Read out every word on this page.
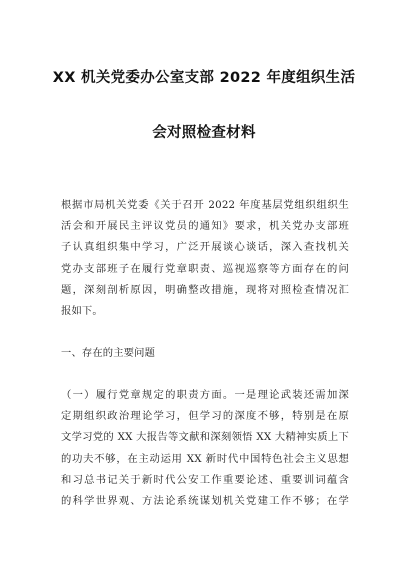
XX 机关党委办公室支部 2022 年度组织生活
会对照检查材料
根据市局机关党委《关于召开 2022 年度基层党组织组织生
活会和开展民主评议党员的通知》要求，机关党办支部班
子认真组织集中学习，广泛开展谈心谈话，深入查找机关
党办支部班子在履行党章职责、巡视巡察等方面存在的问
题，深刻剖析原因，明确整改措施，现将对照检查情况汇
报如下。
一、存在的主要问题
（一）履行党章规定的职责方面。一是理论武装还需加深
定期组织政治理论学习，但学习的深度不够，特别是在原
文学习党的 XX 大报告等文献和深刻领悟 XX 大精神实质上下
的功夫不够，在主动运用 XX 新时代中国特色社会主义思想
和习总书记关于新时代公安工作重要论述、重要训词蕴含
的科学世界观、方法论系统谋划机关党建工作不够；在学
